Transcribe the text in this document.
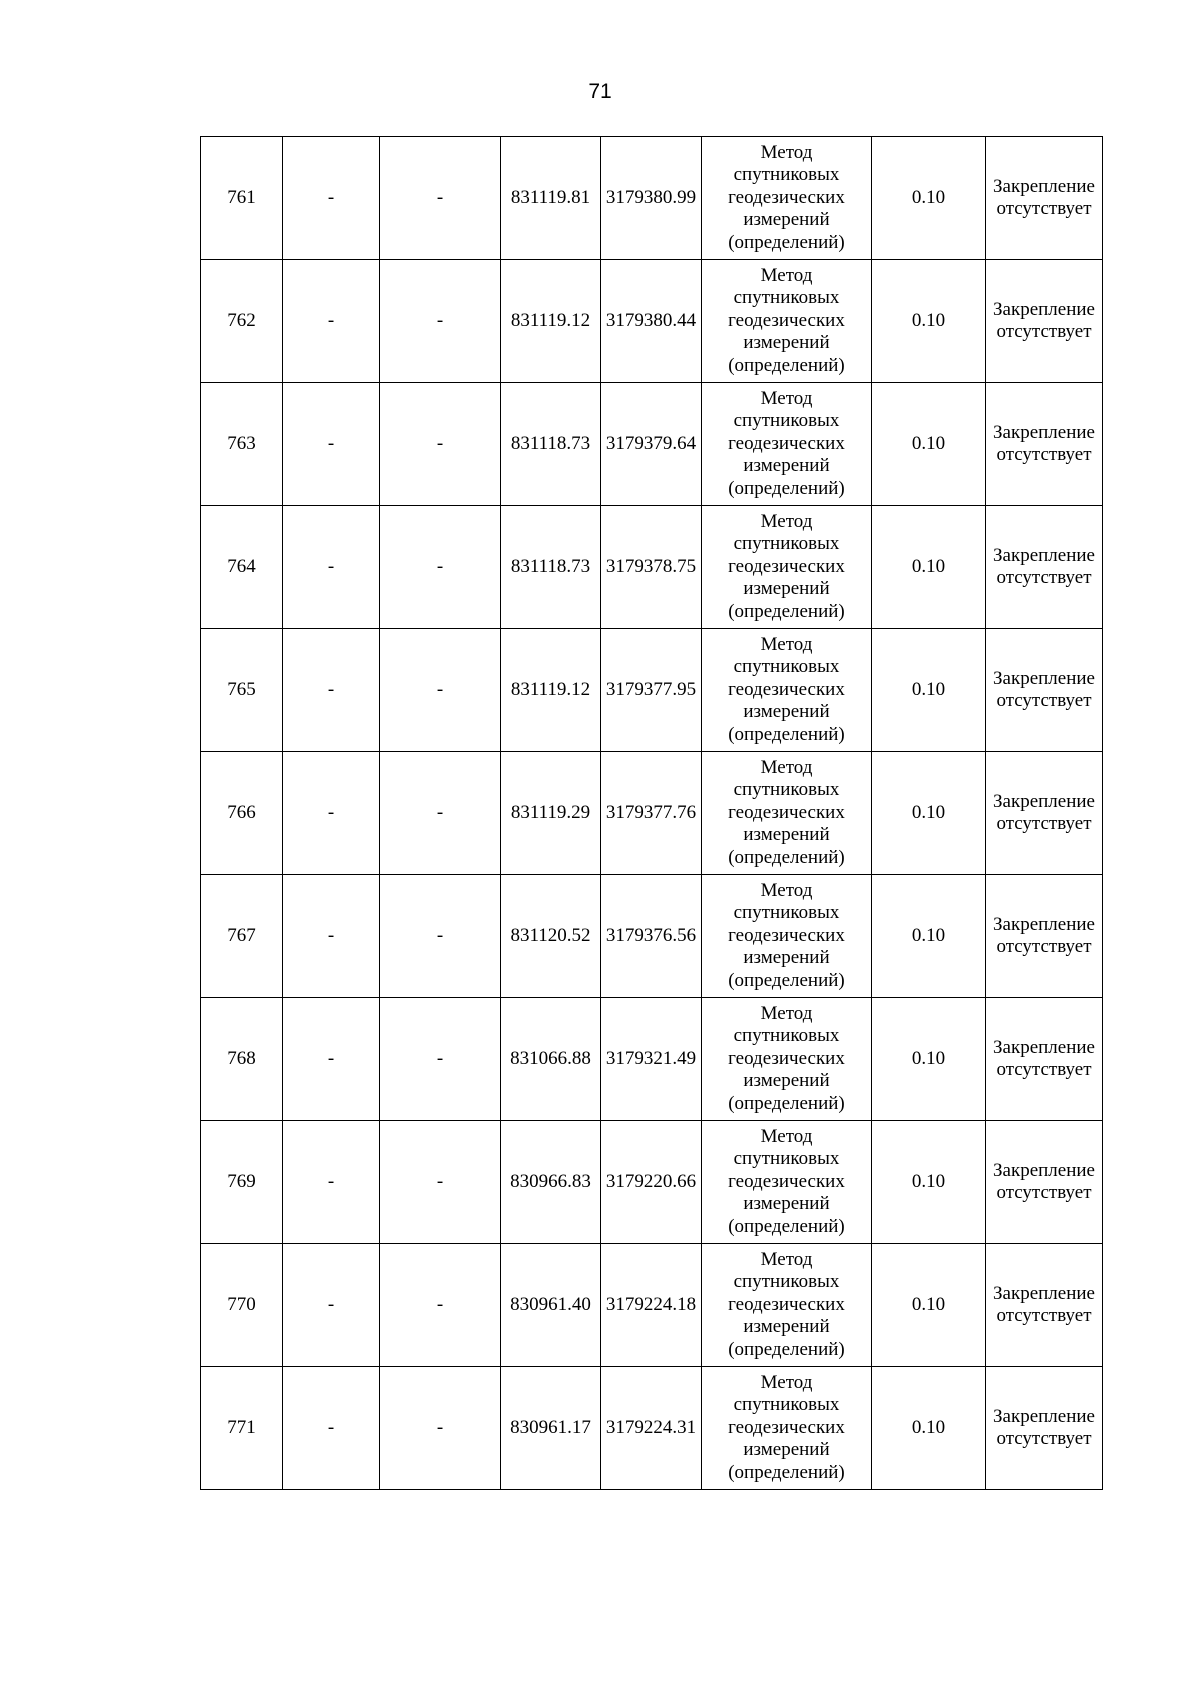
71
761	-	-	831119.81	3179380.99	Метод
спутниковых
геодезических
измерений
(определений)	0.10	Закрепление
отсутствует

762	-	-	831119.12	3179380.44	Метод
спутниковых
геодезических
измерений
(определений)	0.10	Закрепление
отсутствует

763	-	-	831118.73	3179379.64	Метод
спутниковых
геодезических
измерений
(определений)	0.10	Закрепление
отсутствует

764	-	-	831118.73	3179378.75	Метод
спутниковых
геодезических
измерений
(определений)	0.10	Закрепление
отсутствует

765	-	-	831119.12	3179377.95	Метод
спутниковых
геодезических
измерений
(определений)	0.10	Закрепление
отсутствует

766	-	-	831119.29	3179377.76	Метод
спутниковых
геодезических
измерений
(определений)	0.10	Закрепление
отсутствует

767	-	-	831120.52	3179376.56	Метод
спутниковых
геодезических
измерений
(определений)	0.10	Закрепление
отсутствует

768	-	-	831066.88	3179321.49	Метод
спутниковых
геодезических
измерений
(определений)	0.10	Закрепление
отсутствует

769	-	-	830966.83	3179220.66	Метод
спутниковых
геодезических
измерений
(определений)	0.10	Закрепление
отсутствует

770	-	-	830961.40	3179224.18	Метод
спутниковых
геодезических
измерений
(определений)	0.10	Закрепление
отсутствует

771	-	-	830961.17	3179224.31	Метод
спутниковых
геодезических
измерений
(определений)	0.10	Закрепление
отсутствует
